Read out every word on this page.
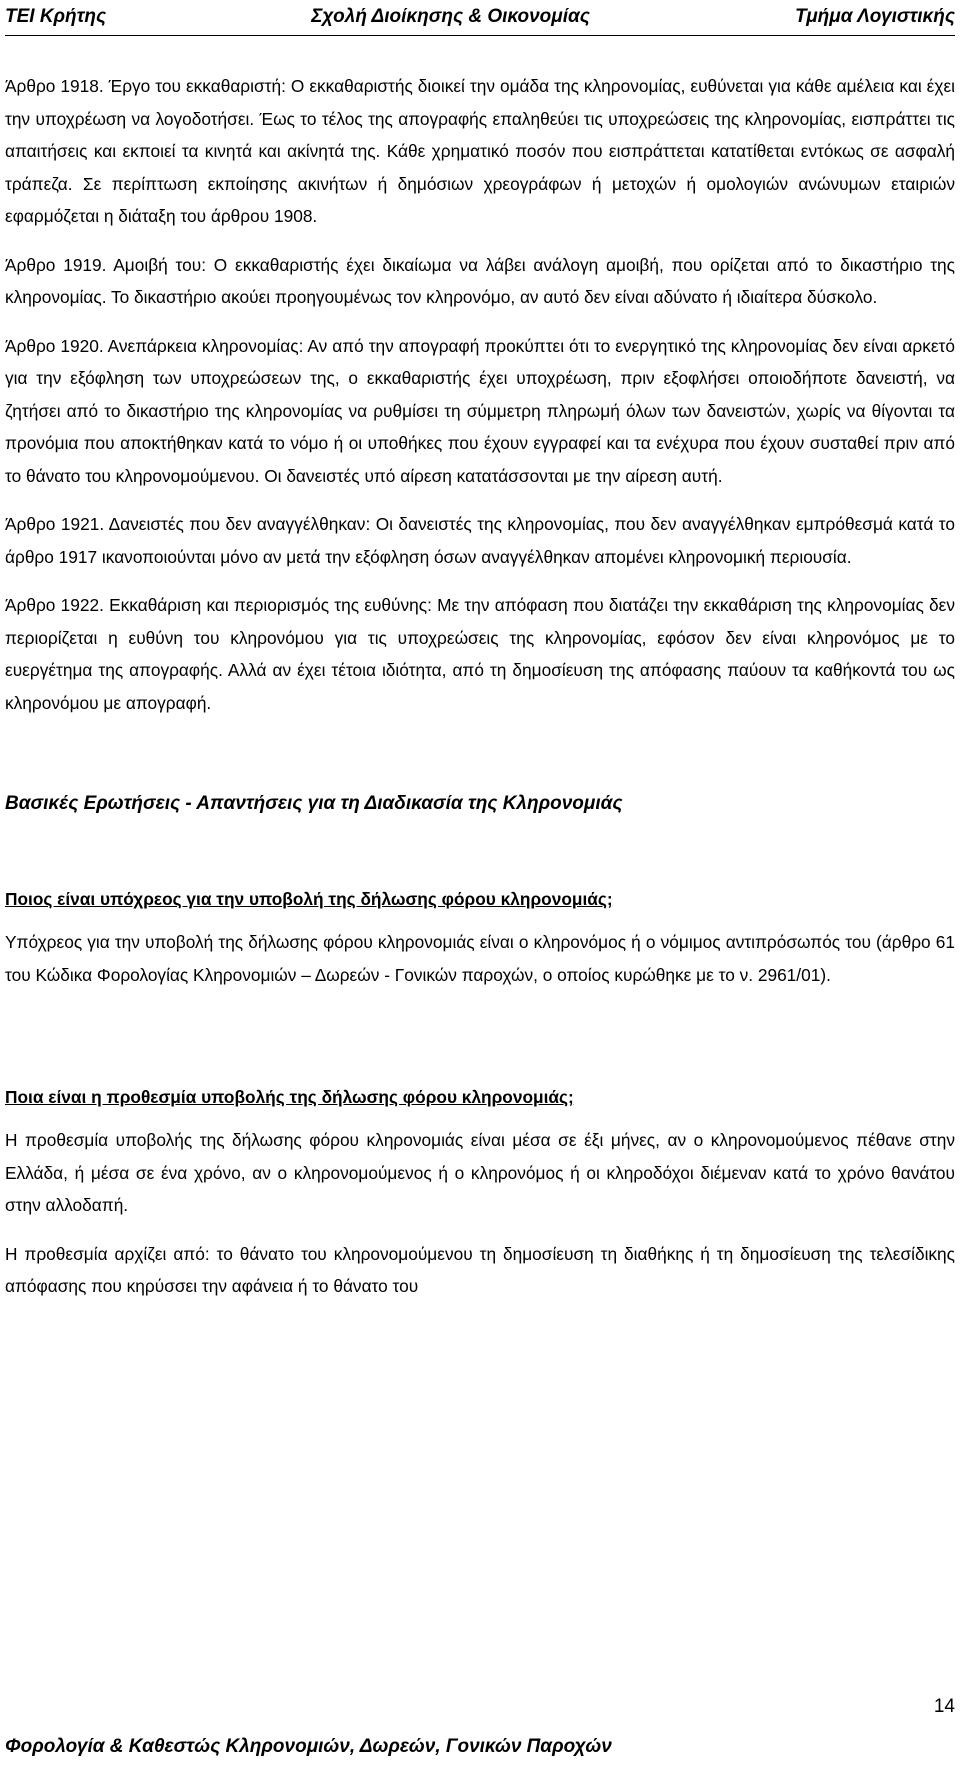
ΤΕΙ Κρήτης	Σχολή Διοίκησης & Οικονομίας	Τμήμα Λογιστικής

Άρθρο 1918. Έργο του εκκαθαριστή: Ο εκκαθαριστής διοικεί την ομάδα της κληρονομίας, ευθύνεται για κάθε αμέλεια και έχει την υποχρέωση να λογοδοτήσει. Έως το τέλος της απογραφής επαληθεύει τις υποχρεώσεις της κληρονομίας, εισπράττει τις απαιτήσεις και εκποιεί τα κινητά και ακίνητά της. Κάθε χρηματικό ποσόν που εισπράττεται κατατίθεται εντόκως σε ασφαλή τράπεζα. Σε περίπτωση εκποίησης ακινήτων ή δημόσιων χρεογράφων ή μετοχών ή ομολογιών ανώνυμων εταιριών εφαρμόζεται η διάταξη του άρθρου 1908.

Άρθρο 1919. Αμοιβή του: Ο εκκαθαριστής έχει δικαίωμα να λάβει ανάλογη αμοιβή, που ορίζεται από το δικαστήριο της κληρονομίας. Το δικαστήριο ακούει προηγουμένως τον κληρονόμο, αν αυτό δεν είναι αδύνατο ή ιδιαίτερα δύσκολο.

Άρθρο 1920. Ανεπάρκεια κληρονομίας: Αν από την απογραφή προκύπτει ότι το ενεργητικό της κληρονομίας δεν είναι αρκετό για την εξόφληση των υποχρεώσεων της, ο εκκαθαριστής έχει υποχρέωση, πριν εξοφλήσει οποιοδήποτε δανειστή, να ζητήσει από το δικαστήριο της κληρονομίας να ρυθμίσει τη σύμμετρη πληρωμή όλων των δανειστών, χωρίς να θίγονται τα προνόμια που αποκτήθηκαν κατά το νόμο ή οι υποθήκες που έχουν εγγραφεί και τα ενέχυρα που έχουν συσταθεί πριν από το θάνατο του κληρονομούμενου. Οι δανειστές υπό αίρεση κατατάσσονται με την αίρεση αυτή.

Άρθρο 1921. Δανειστές που δεν αναγγέλθηκαν: Οι δανειστές της κληρονομίας, που δεν αναγγέλθηκαν εμπρόθεσμά κατά το άρθρο 1917 ικανοποιούνται μόνο αν μετά την εξόφληση όσων αναγγέλθηκαν απομένει κληρονομική περιουσία.

Άρθρο 1922. Εκκαθάριση και περιορισμός της ευθύνης: Με την απόφαση που διατάζει την εκκαθάριση της κληρονομίας δεν περιορίζεται η ευθύνη του κληρονόμου για τις υποχρεώσεις της κληρονομίας, εφόσον δεν είναι κληρονόμος με το ευεργέτημα της απογραφής. Αλλά αν έχει τέτοια ιδιότητα, από τη δημοσίευση της απόφασης παύουν τα καθήκοντά του ως κληρονόμου με απογραφή.

Βασικές Ερωτήσεις - Απαντήσεις για τη Διαδικασία της Κληρονομιάς

Ποιος είναι υπόχρεος για την υποβολή της δήλωσης φόρου κληρονομιάς;

Υπόχρεος για την υποβολή της δήλωσης φόρου κληρονομιάς είναι ο κληρονόμος ή ο νόμιμος αντιπρόσωπός του (άρθρο 61 του Κώδικα Φορολογίας Κληρονομιών – Δωρεών - Γονικών παροχών, ο οποίος κυρώθηκε με το ν. 2961/01).

Ποια είναι η προθεσμία υποβολής της δήλωσης φόρου κληρονομιάς;

Η προθεσμία υποβολής της δήλωσης φόρου κληρονομιάς είναι μέσα σε έξι μήνες, αν ο κληρονομούμενος πέθανε στην Ελλάδα, ή μέσα σε ένα χρόνο, αν ο κληρονομούμενος ή ο κληρονόμος ή οι κληροδόχοι διέμεναν κατά το χρόνο θανάτου στην αλλοδαπή.

Η προθεσμία αρχίζει από: το θάνατο του κληρονομούμενου τη δημοσίευση τη διαθήκης ή τη δημοσίευση της τελεσίδικης απόφασης που κηρύσσει την αφάνεια ή το θάνατο του

14
Φορολογία & Καθεστώς Κληρονομιών, Δωρεών, Γονικών Παροχών
